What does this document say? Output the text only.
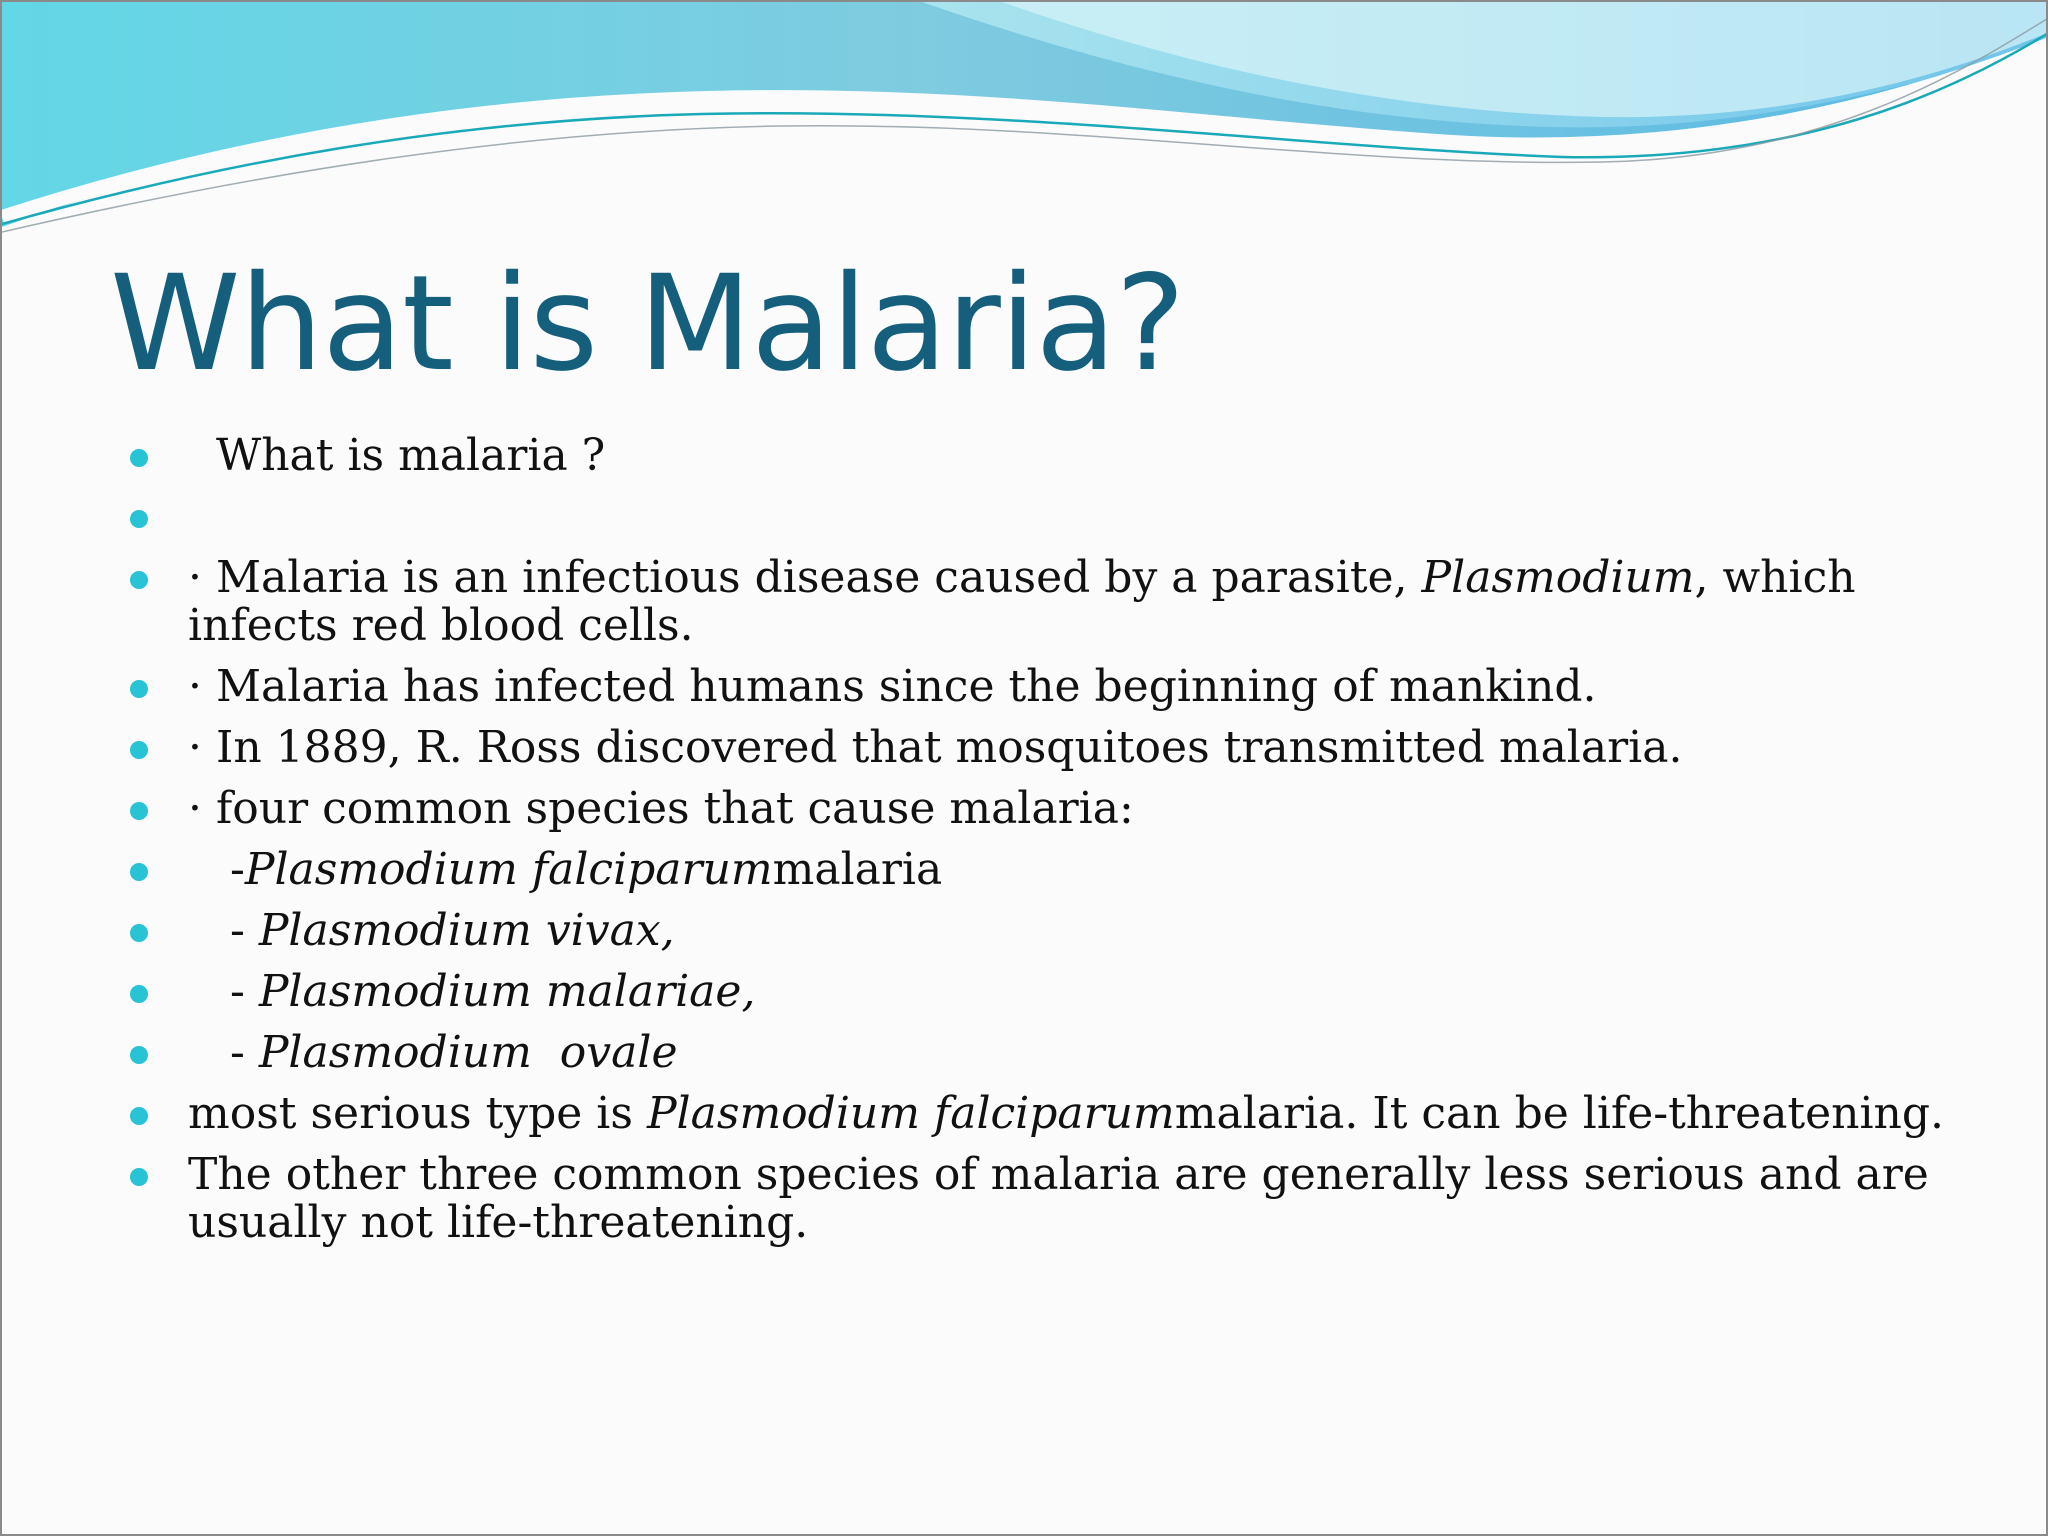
What is Malaria?
What is malaria ?
· Malaria is an infectious disease caused by a parasite, Plasmodium, which infects red blood cells.
· Malaria has infected humans since the beginning of mankind.
· In 1889, R. Ross discovered that mosquitoes transmitted malaria.
· four common species that cause malaria:
-Plasmodium falciparummalaria
- Plasmodium vivax,
- Plasmodium malariae,
- Plasmodium  ovale
most serious type is Plasmodium falciparummalaria. It can be life-threatening.
The other three common species of malaria are generally less serious and are usually not life-threatening.
